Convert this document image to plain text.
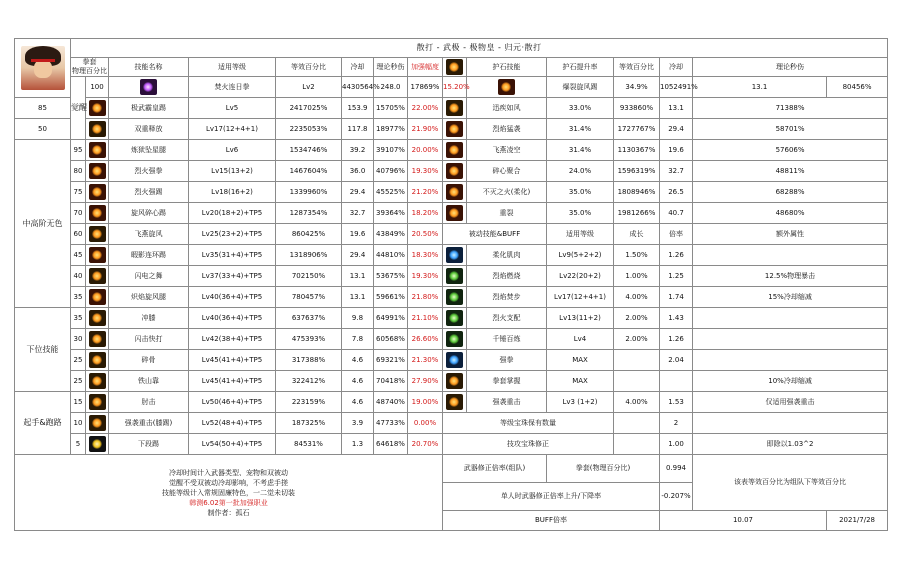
	散打 - 武极 - 极物皇 - 归元·散打															
	拳套
物理百分比		技能名称	适用等级	等效百分比	冷却	理论秒伤	加强幅度		护石技能	护石提升率	等效百分比	冷却	理论秒伤	
	觉醒	100		焚火连日拳	Lv2	4430564%	248.0	17869%	15.20%		爆裂旋风踢	34.9%	1052491%	13.1	80456%	
85			极武霸皇踢	Lv5	2417025%	153.9	15705%	22.00%		迅疾如风	33.0%	933860%	13.1	71388%	
50			双重释放	Lv17(12+4+1)	2235053%	117.8	18977%	21.90%		烈焰猛袭	31.4%	1727767%	29.4	58701%	
中高阶无色	95		炼狱坠星腿	Lv6	1534746%	39.2	39107%	20.00%		飞燕凌空	31.4%	1130367%	19.6	57606%	
	80		烈火强拳	Lv15(13+2)	1467604%	36.0	40796%	19.30%		碎心聚合	24.0%	1596319%	32.7	48811%	
	75		烈火强踢	Lv18(16+2)	1339960%	29.4	45525%	21.20%		不灭之火(柔化)	35.0%	1808946%	26.5	68288%	
	70		旋风碎心踢	Lv20(18+2)+TP5	1287354%	32.7	39364%	18.20%		重裂	35.0%	1981266%	40.7	48680%	
	60		飞燕旋风	Lv25(23+2)+TP5	860425%	19.6	43849%	20.50%	被动技能&BUFF		适用等级	成长	倍率	额外属性		
	45		暇影连环踢	Lv35(31+4)+TP5	1318906%	29.4	44810%	18.30%		柔化肌肉	Lv9(5+2+2)	1.50%	1.26			
	40		闪电之舞	Lv37(33+4)+TP5	702150%	13.1	53675%	19.30%		烈焰燃烧	Lv22(20+2)	1.00%	1.25	12.5%物理暴击		
	35		炽焰旋风腿	Lv40(36+4)+TP5	780457%	13.1	59661%	21.80%		烈焰焚步	Lv17(12+4+1)	4.00%	1.74	15%冷却缩减		
下位技能	35		冲膝	Lv40(36+4)+TP5	637637%	9.8	64991%	21.10%		烈火支配	Lv13(11+2)	2.00%	1.43			
	30		闪击快打	Lv42(38+4)+TP5	475393%	7.8	60568%	26.60%		千锤百炼	Lv4	2.00%	1.26			
	25		碎骨	Lv45(41+4)+TP5	317388%	4.6	69321%	21.30%		强拳	MAX		2.04			
	25		铁山靠	Lv45(41+4)+TP5	322412%	4.6	70418%	27.90%		拳套掌握	MAX			10%冷却缩减		
起手&跑路	15		肘击	Lv50(46+4)+TP5	223159%	4.6	48740%	19.00%		强袭重击	Lv3 (1+2)	4.00%	1.53	仅适用强袭重击		
	10		强袭重击(膝踢)	Lv52(48+4)+TP5	187325%	3.9	47733%	0.00%	等级宝珠保有数量				2			
	5		下段踢	Lv54(50+4)+TP5	84531%	1.3	64618%	20.70%	技攻宝珠修正				1.00	即除以1.03^2		

冷却时间计入武器类型、宠物和双被动
觉醒不受双被动冷却影响，不考虑手搓
技能等级计入常规固廉特色，一二觉未切装
韩测6.02第一批加强职业
制作者：孤石									武器修正倍率(组队)		拳套(物理百分比)		0.994	该表等效百分比为组队下等效百分比		
									单人时武器修正倍率上升/下降率				-0.207%			
									BUFF倍率				10.07		2021/7/28	
